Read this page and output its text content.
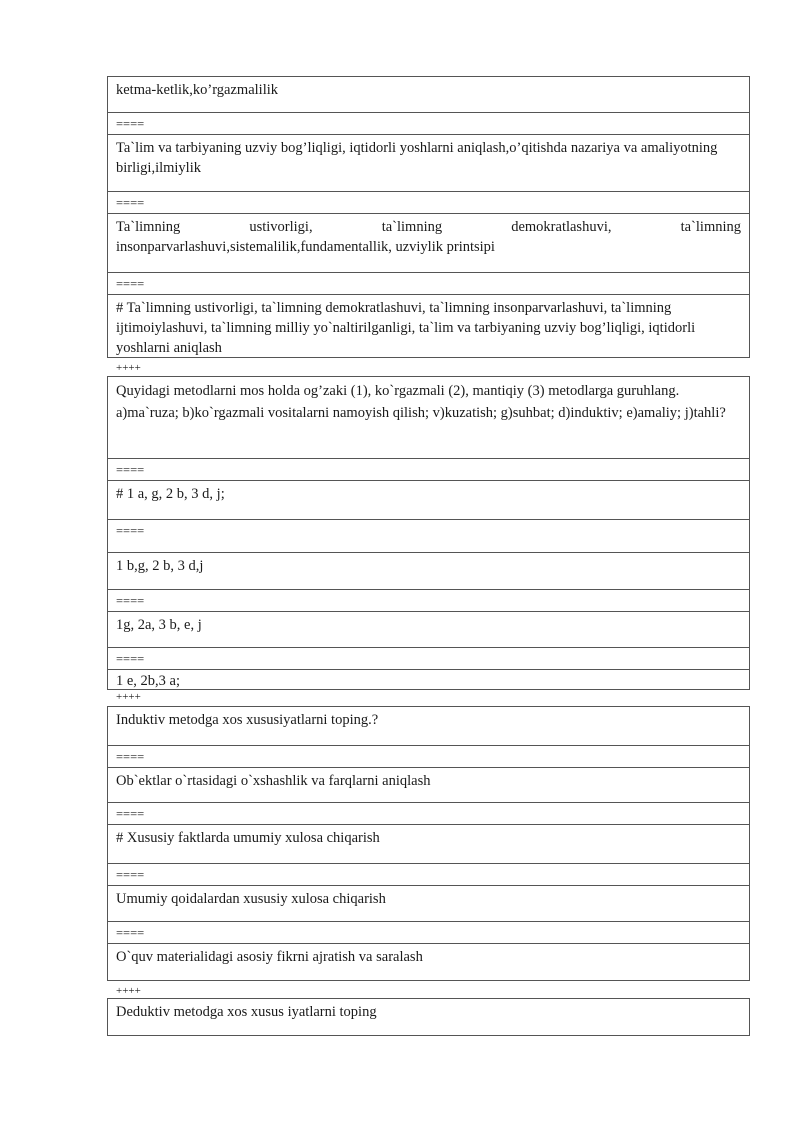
ketma-ketlik,ko’rgazmalilik
====
Ta`lim va tarbiyaning uzviy bog’liqligi, iqtidorli yoshlarni aniqlash,o’qitishda nazariya va amaliyotning birligi,ilmiylik
====
Ta`limning ustivorligi, ta`limning demokratlashuvi, ta`limning
insonparvarlashuvi,sistemalilik,fundamentallik, uzviylik printsipi
====
# Ta`limning ustivorligi, ta`limning demokratlashuvi, ta`limning insonparvarlashuvi, ta`limning ijtimoiylashuvi, ta`limning milliy yo`naltirilganligi, ta`lim va tarbiyaning uzviy bog’liqligi, iqtidorli yoshlarni aniqlash
++++
Quyidagi metodlarni mos holda og’zaki (1), ko`rgazmali (2), mantiqiy (3) metodlarga guruhlang. a)ma`ruza; b)ko`rgazmali vositalarni namoyish qilish; v)kuzatish; g)suhbat; d)induktiv; e)amaliy; j)tahli?
====
# 1 a, g, 2 b, 3 d, j;
====
1 b,g, 2 b, 3 d,j
====
1g, 2a, 3 b, e, j
====
1 e, 2b,3 a;
++++
Induktiv metodga xos xususiyatlarni toping.?
====
Ob`ektlar o`rtasidagi o`xshashlik va farqlarni aniqlash
====
# Xususiy faktlarda umumiy xulosa chiqarish
====
Umumiy qoidalardan xususiy xulosa chiqarish
====
O`quv materialidagi asosiy fikrni ajratish va saralash
++++
Deduktiv metodga xos xusus iyatlarni toping
